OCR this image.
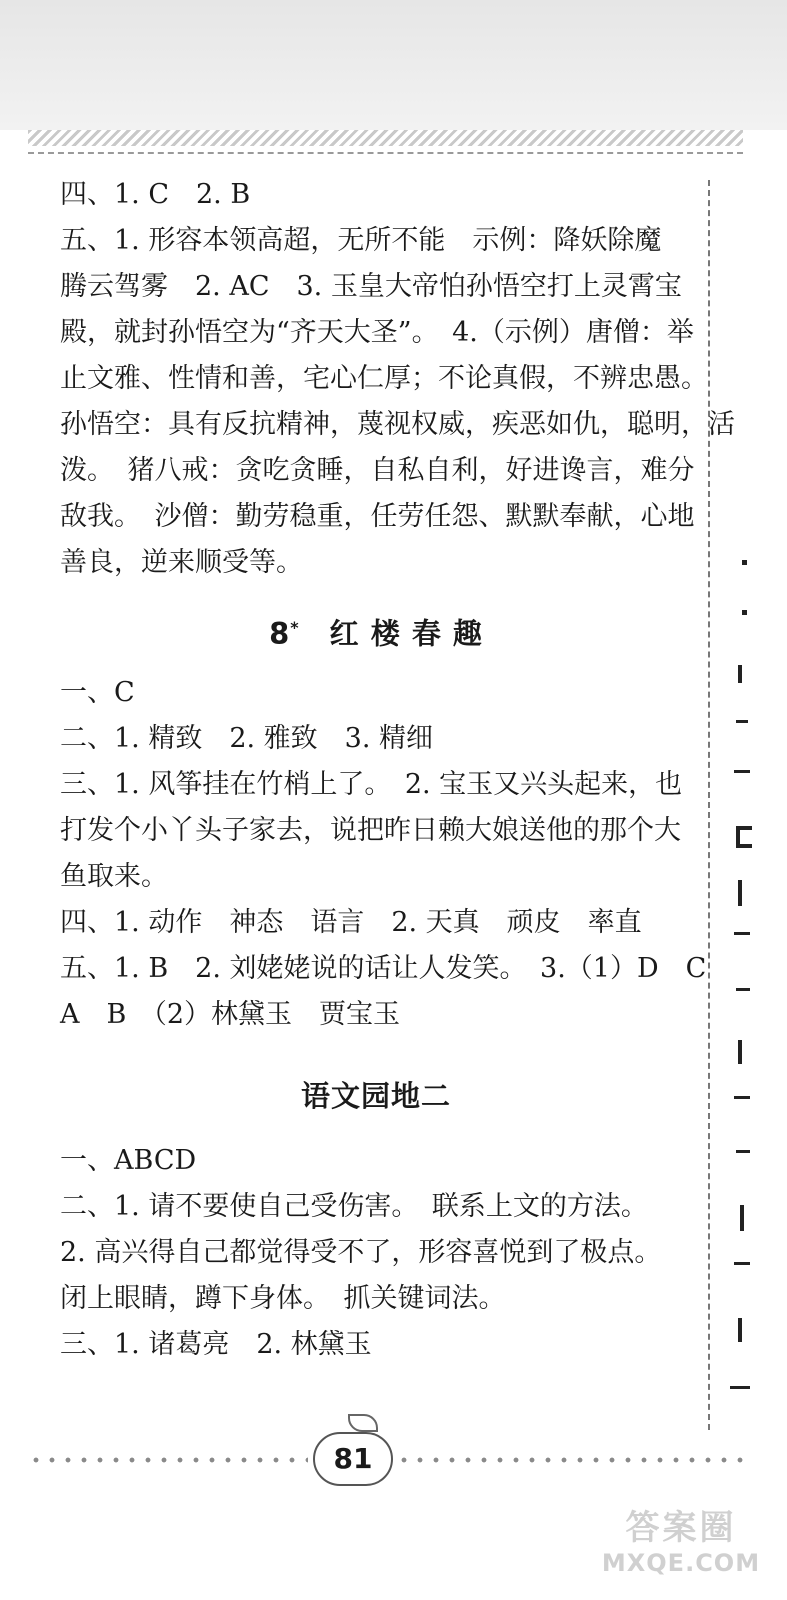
四、1. C　2. B
五、1. 形容本领高超，无所不能　示例：降妖除魔
腾云驾雾　2. AC　3. 玉皇大帝怕孙悟空打上灵霄宝
殿，就封孙悟空为“齐天大圣”。　4.（示例）唐僧：举
止文雅、性情和善，宅心仁厚；不论真假，不辨忠愚。
孙悟空：具有反抗精神，蔑视权威，疾恶如仇，聪明，活
泼。　猪八戒：贪吃贪睡，自私自利，好进谗言，难分
敌我。　沙僧：勤劳稳重，任劳任怨、默默奉献，心地
善良，逆来顺受等。
8*　 红 楼 春 趣
一、C
二、1. 精致　2. 雅致　3. 精细
三、1. 风筝挂在竹梢上了。　2. 宝玉又兴头起来，也
打发个小丫头子家去，说把昨日赖大娘送他的那个大
鱼取来。
四、1. 动作　神态　语言　2. 天真　顽皮　率直
五、1. B　2. 刘姥姥说的话让人发笑。　3.（1）D　C
A　B　（2）林黛玉　贾宝玉
语文园地二
一、ABCD
二、1. 请不要使自己受伤害。　联系上文的方法。
2. 高兴得自己都觉得受不了，形容喜悦到了极点。
闭上眼睛，蹲下身体。　抓关键词法。
三、1. 诸葛亮　2. 林黛玉
81
答案圈
MXQE.COM
